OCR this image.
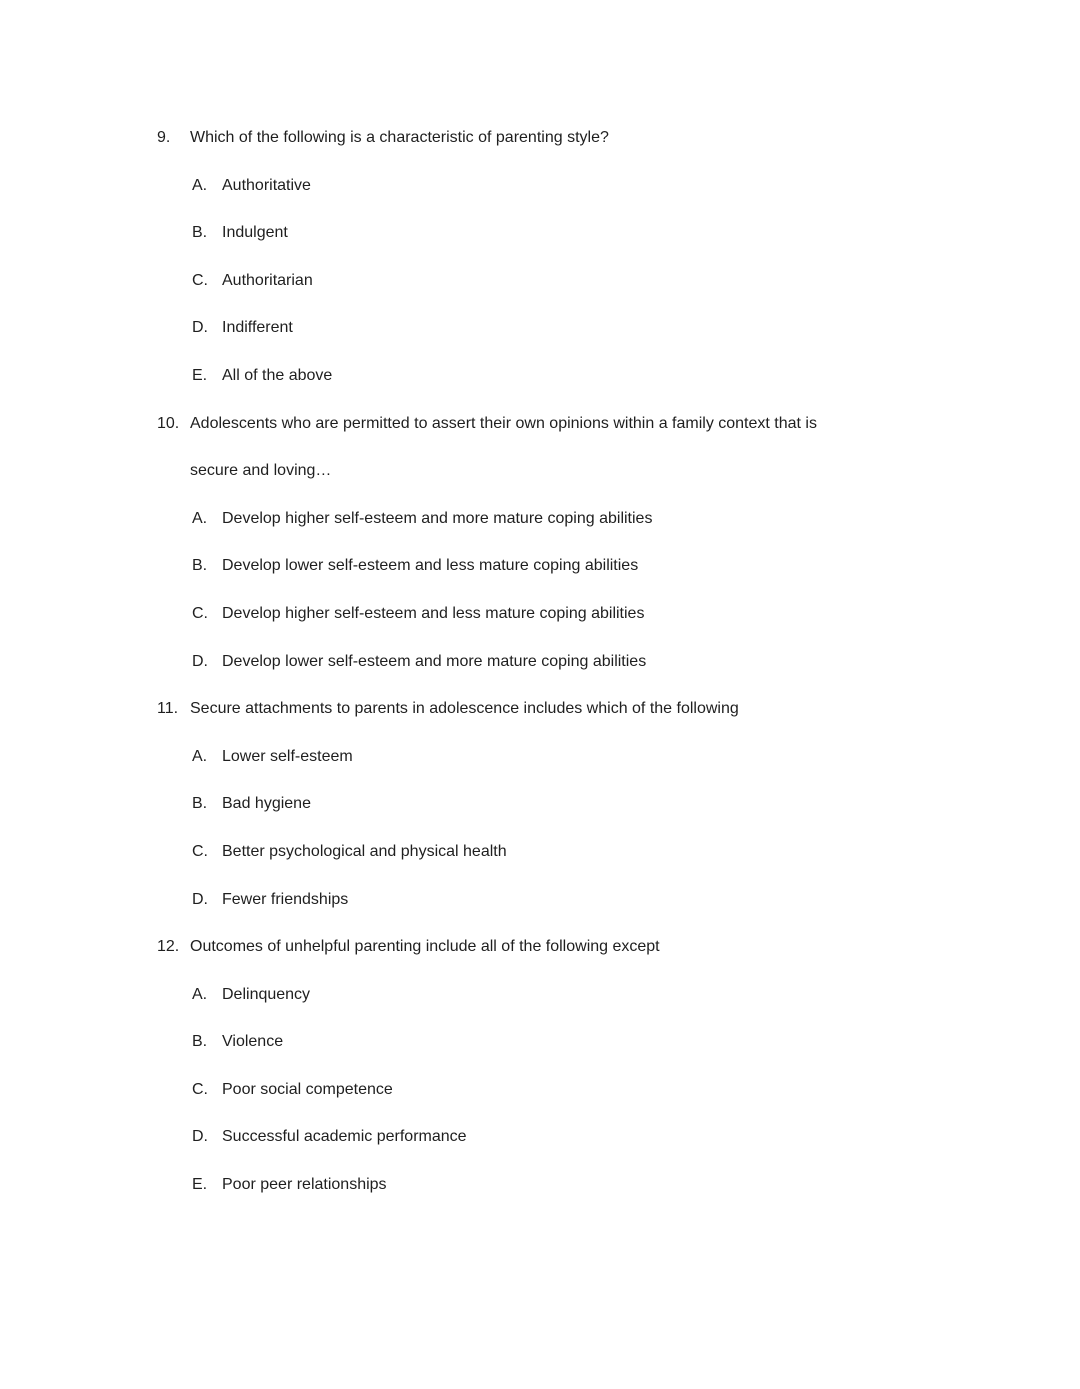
9.	Which of the following is a characteristic of parenting style?
A. Authoritative
B. Indulgent
C. Authoritarian
D. Indifferent
E. All of the above
10. Adolescents who are permitted to assert their own opinions within a family context that is
secure and loving…
A. Develop higher self-esteem and more mature coping abilities
B. Develop lower self-esteem and less mature coping abilities
C. Develop higher self-esteem and less mature coping abilities
D. Develop lower self-esteem and more mature coping abilities
11. Secure attachments to parents in adolescence includes which of the following
A. Lower self-esteem
B. Bad hygiene
C. Better psychological and physical health
D. Fewer friendships
12. Outcomes of unhelpful parenting include all of the following except
A. Delinquency
B. Violence
C. Poor social competence
D. Successful academic performance
E. Poor peer relationships
